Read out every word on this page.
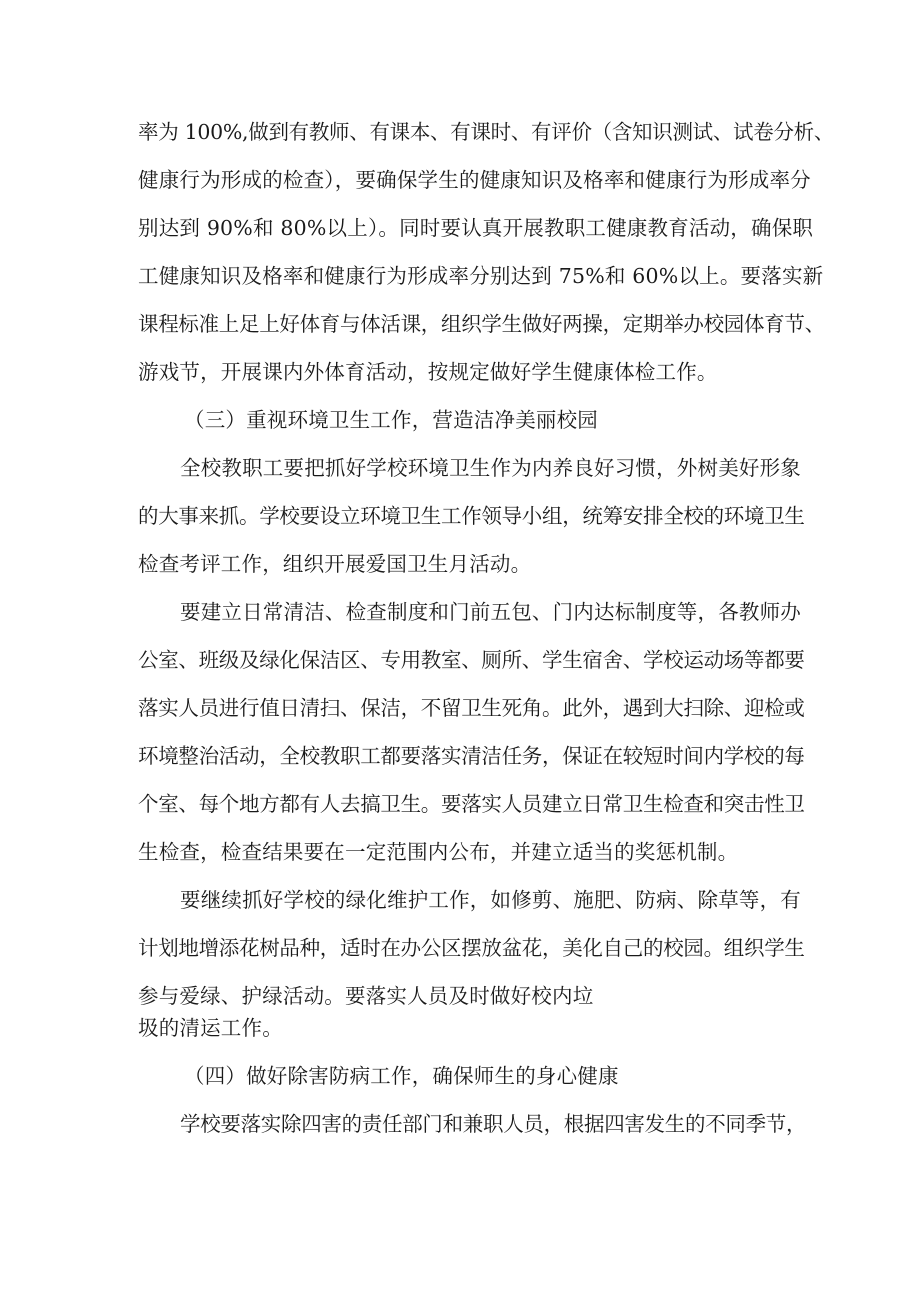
率为 100%,做到有教师、有课本、有课时、有评价（含知识测试、试卷分析、
健康行为形成的检查），要确保学生的健康知识及格率和健康行为形成率分
别达到 90%和 80%以上）。同时要认真开展教职工健康教育活动，确保职
工健康知识及格率和健康行为形成率分别达到 75%和 60%以上。要落实新
课程标准上足上好体育与体活课，组织学生做好两操，定期举办校园体育节、
游戏节，开展课内外体育活动，按规定做好学生健康体检工作。
（三）重视环境卫生工作，营造洁净美丽校园
全校教职工要把抓好学校环境卫生作为内养良好习惯，外树美好形象
的大事来抓。学校要设立环境卫生工作领导小组，统筹安排全校的环境卫生
检查考评工作，组织开展爱国卫生月活动。
要建立日常清洁、检查制度和门前五包、门内达标制度等，各教师办
公室、班级及绿化保洁区、专用教室、厕所、学生宿舍、学校运动场等都要
落实人员进行值日清扫、保洁，不留卫生死角。此外，遇到大扫除、迎检或
环境整治活动，全校教职工都要落实清洁任务，保证在较短时间内学校的每
个室、每个地方都有人去搞卫生。要落实人员建立日常卫生检查和突击性卫
生检查，检查结果要在一定范围内公布，并建立适当的奖惩机制。
要继续抓好学校的绿化维护工作，如修剪、施肥、防病、除草等，有
计划地增添花树品种，适时在办公区摆放盆花，美化自己的校园。组织学生
参与爱绿、护绿活动。要落实人员及时做好校内垃
圾的清运工作。
（四）做好除害防病工作，确保师生的身心健康
学校要落实除四害的责任部门和兼职人员，根据四害发生的不同季节，
